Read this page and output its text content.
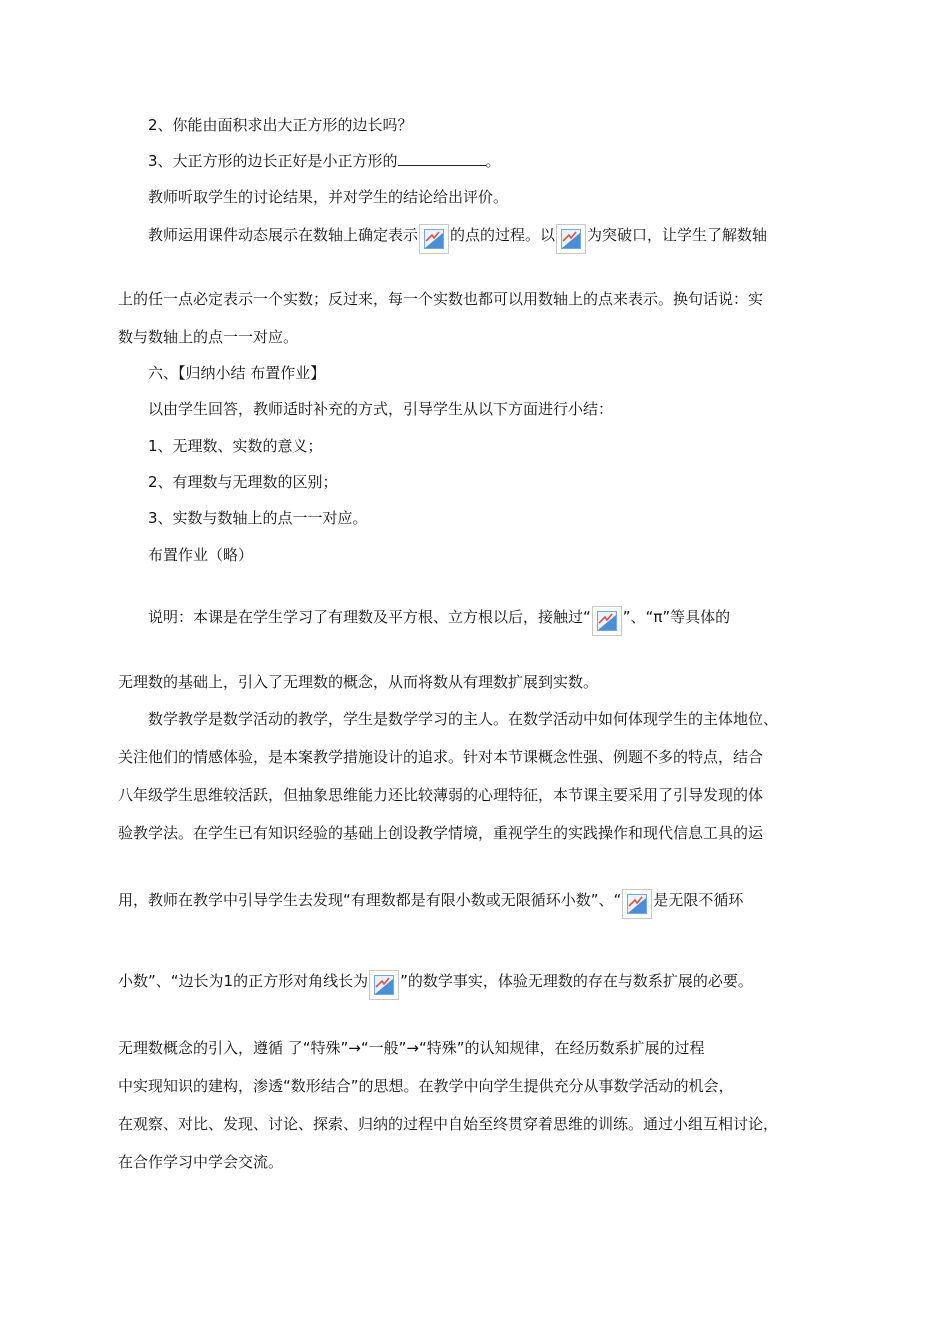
2、你能由面积求出大正方形的边长吗？
3、大正方形的边长正好是小正方形的	。
教师听取学生的讨论结果，并对学生的结论给出评价。
教师运用课件动态展示在数轴上确定表示 的点的过程。以 为突破口，让学生了解数轴
上的任一点必定表示一个实数；反过来，每一个实数也都可以用数轴上的点来表示。换句话说：实
数与数轴上的点一一对应。
六、【归纳小结 布置作业】
以由学生回答，教师适时补充的方式，引导学生从以下方面进行小结：
1、无理数、实数的意义；
2、有理数与无理数的区别；
3、实数与数轴上的点一一对应。
布置作业（略）
说明：本课是在学生学习了有理数及平方根、立方根以后，接触过“ ”、“π”等具体的
无理数的基础上，引入了无理数的概念，从而将数从有理数扩展到实数。
数学教学是数学活动的教学，学生是数学学习的主人。在数学活动中如何体现学生的主体地位、
关注他们的情感体验，是本案教学措施设计的追求。针对本节课概念性强、例题不多的特点，结合
八年级学生思维较活跃，但抽象思维能力还比较薄弱的心理特征，本节课主要采用了引导发现的体
验教学法。在学生已有知识经验的基础上创设教学情境，重视学生的实践操作和现代信息工具的运
用，教师在教学中引导学生去发现“有理数都是有限小数或无限循环小数”、“ 是无限不循环
小数”、“边长为1的正方形对角线长为 ”的数学事实，体验无理数的存在与数系扩展的必要。
无理数概念的引入，遵循 了“特殊”→“一般”→“特殊”的认知规律，在经历数系扩展的过程
中实现知识的建构，渗透“数形结合”的思想。在教学中向学生提供充分从事数学活动的机会，
在观察、对比、发现、讨论、探索、归纳的过程中自始至终贯穿着思维的训练。通过小组互相讨论，
在合作学习中学会交流。
